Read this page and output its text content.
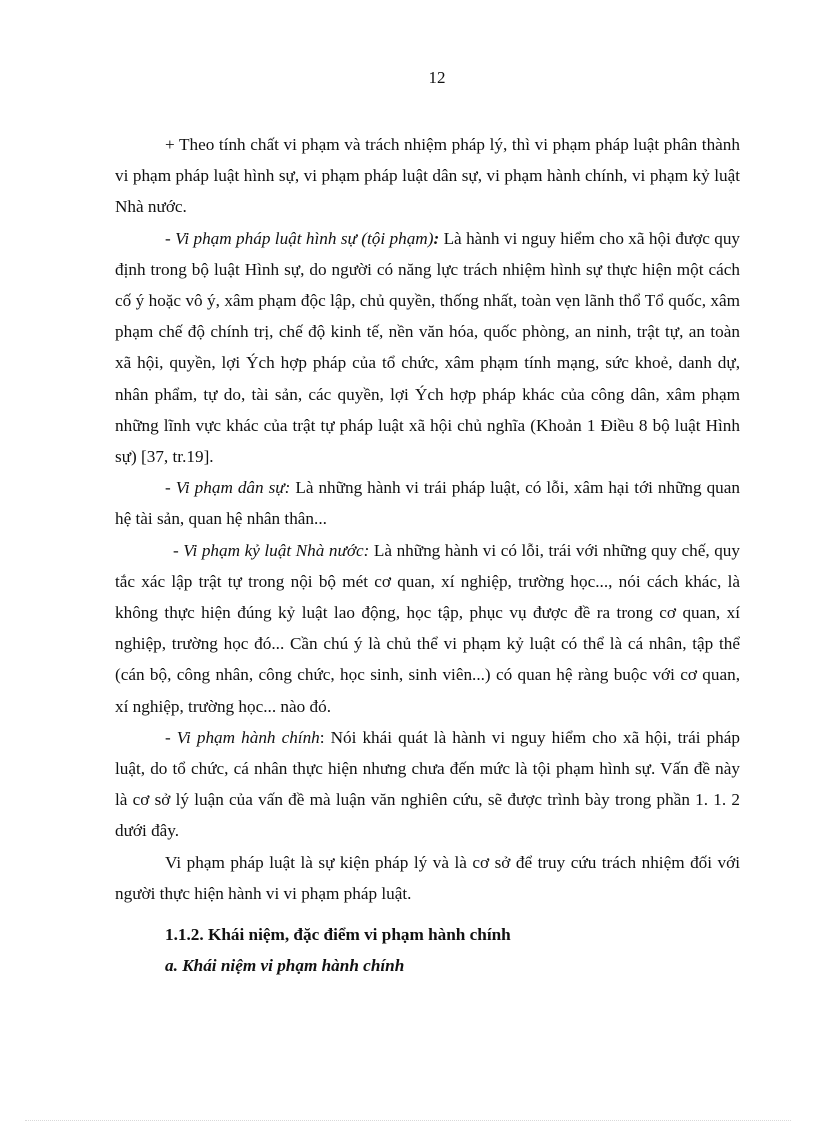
12

+ Theo tính chất vi phạm và trách nhiệm pháp lý, thì vi phạm pháp luật phân thành vi phạm pháp luật hình sự, vi phạm pháp luật dân sự, vi phạm hành chính, vi phạm kỷ luật Nhà nước.

- Vi phạm pháp luật hình sự (tội phạm): Là hành vi nguy hiểm cho xã hội được quy định trong bộ luật Hình sự, do người có năng lực trách nhiệm hình sự thực hiện một cách cố ý hoặc vô ý, xâm phạm độc lập, chủ quyền, thống nhất, toàn vẹn lãnh thổ Tổ quốc, xâm phạm chế độ chính trị, chế độ kinh tế, nền văn hóa, quốc phòng, an ninh, trật tự, an toàn xã hội, quyền, lợi Ých hợp pháp của tổ chức, xâm phạm tính mạng, sức khoẻ, danh dự, nhân phẩm, tự do, tài sản, các quyền, lợi Ých hợp pháp khác của công dân, xâm phạm những lĩnh vực khác của trật tự pháp luật xã hội chủ nghĩa (Khoản 1 Điều 8 bộ luật Hình sự) [37, tr.19].

- Vi phạm dân sự: Là những hành vi trái pháp luật, có lỗi, xâm hại tới những quan hệ tài sản, quan hệ nhân thân...

- Vi phạm kỷ luật Nhà nước: Là những hành vi có lỗi, trái với những quy chế, quy tắc xác lập trật tự trong nội bộ mét cơ quan, xí nghiệp, trường học..., nói cách khác, là không thực hiện đúng kỷ luật lao động, học tập, phục vụ được đề ra trong cơ quan, xí nghiệp, trường học đó... Cần chú ý là chủ thể vi phạm kỷ luật có thể là cá nhân, tập thể (cán bộ, công nhân, công chức, học sinh, sinh viên...) có quan hệ ràng buộc với cơ quan, xí nghiệp, trường học... nào đó.

- Vi phạm hành chính: Nói khái quát là hành vi nguy hiểm cho xã hội, trái pháp luật, do tổ chức, cá nhân thực hiện nhưng chưa đến mức là tội phạm hình sự. Vấn đề này là cơ sở lý luận của vấn đề mà luận văn nghiên cứu, sẽ được trình bày trong phần 1. 1. 2 dưới đây.

Vi phạm pháp luật là sự kiện pháp lý và là cơ sở để truy cứu trách nhiệm đối với người thực hiện hành vi vi phạm pháp luật.

1.1.2. Khái niệm, đặc điểm vi phạm hành chính

a. Khái niệm vi phạm hành chính
